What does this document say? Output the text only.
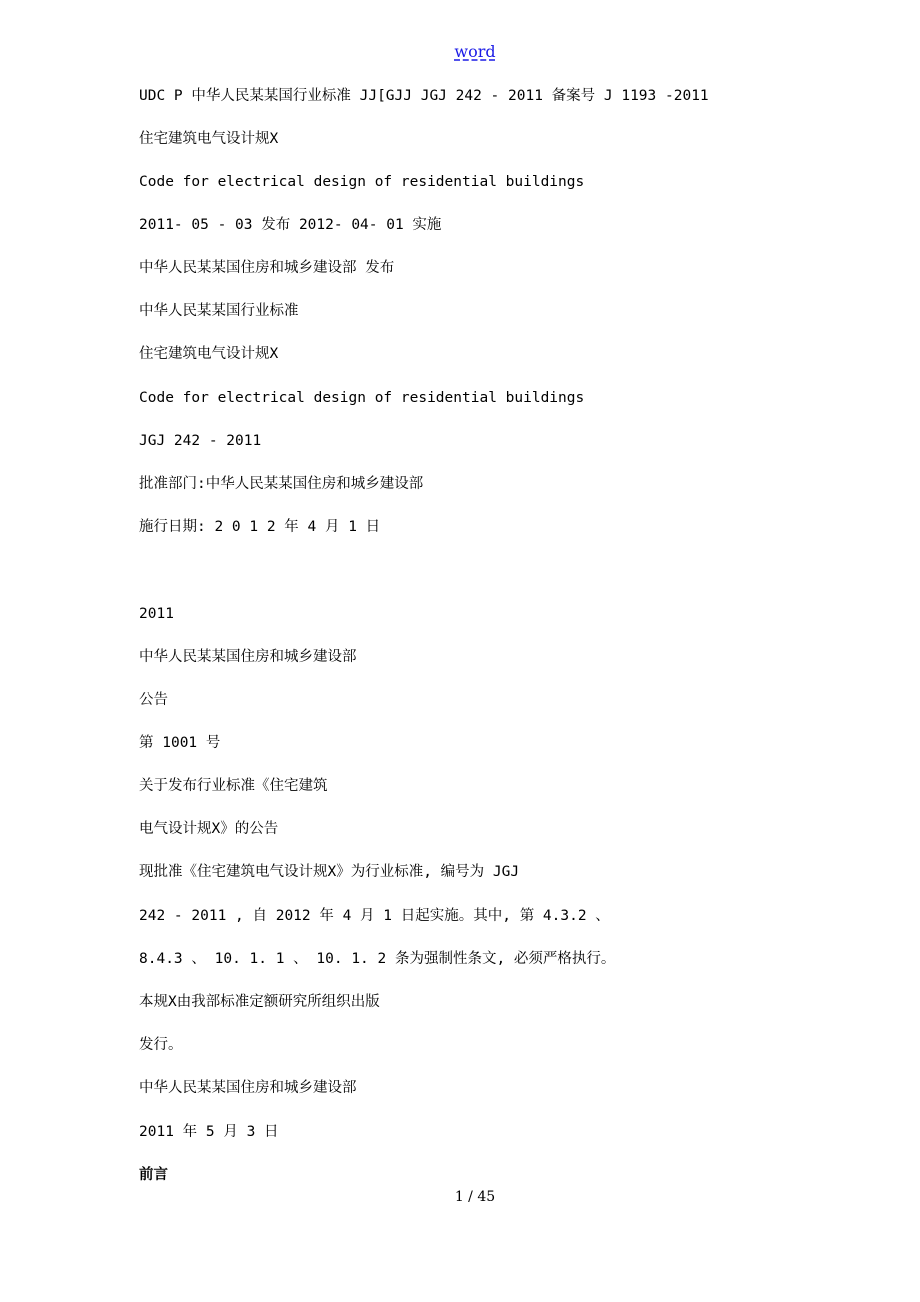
word
UDC P 中华人民某某国行业标准 JJ[GJJ JGJ 242 - 2011 备案号 J 1193 -2011
住宅建筑电气设计规X
Code for electrical design of residential buildings
2011- 05 - 03 发布 2012- 04- 01 实施
中华人民某某国住房和城乡建设部 发布
中华人民某某国行业标准
住宅建筑电气设计规X
Code for electrical design of residential buildings
JGJ 242 - 2011
批准部门:中华人民某某国住房和城乡建设部
施行日期: 2 0 1 2 年 4 月 1 日
2011
中华人民某某国住房和城乡建设部
公告
第 1001 号
关于发布行业标准《住宅建筑
电气设计规X》的公告
现批准《住宅建筑电气设计规X》为行业标准, 编号为 JGJ
242 - 2011 , 自 2012 年 4 月 1 日起实施。其中, 第 4.3.2 、
8.4.3 、 10. 1. 1 、 10. 1. 2 条为强制性条文, 必须严格执行。
本规X由我部标准定额研究所组织出版
发行。
中华人民某某国住房和城乡建设部
2011 年 5 月 3 日
前言
1 / 45
